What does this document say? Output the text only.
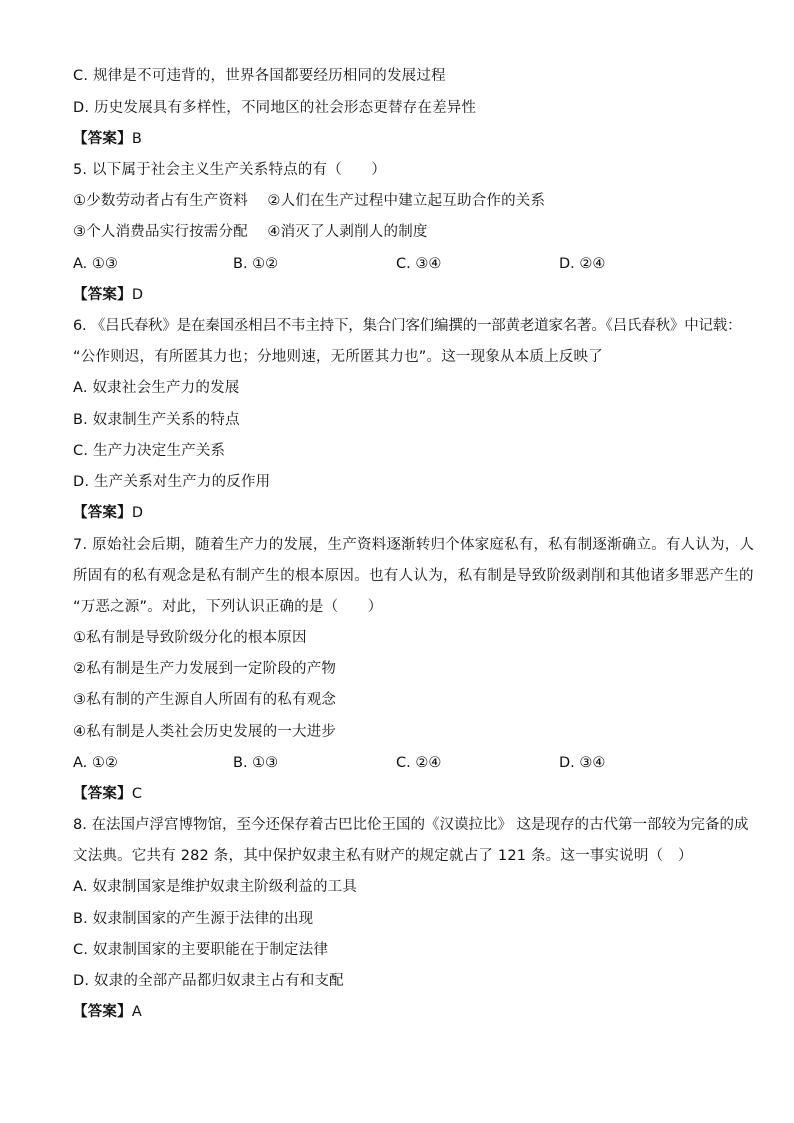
C. 规律是不可违背的，世界各国都要经历相同的发展过程
D. 历史发展具有多样性，不同地区的社会形态更替存在差异性
【答案】B
5. 以下属于社会主义生产关系特点的有（　　）
①少数劳动者占有生产资料　 ②人们在生产过程中建立起互助合作的关系
③个人消费品实行按需分配　 ④消灭了人剥削人的制度
A. ①③	B. ①②	C. ③④	D. ②④
【答案】D
6. 《吕氏春秋》是在秦国丞相吕不韦主持下，集合门客们编撰的一部黄老道家名著。《吕氏春秋》中记载：
“公作则迟，有所匿其力也；分地则速，无所匿其力也”。这一现象从本质上反映了
A. 奴隶社会生产力的发展
B. 奴隶制生产关系的特点
C. 生产力决定生产关系
D. 生产关系对生产力的反作用
【答案】D
7. 原始社会后期，随着生产力的发展，生产资料逐渐转归个体家庭私有，私有制逐渐确立。有人认为，人
所固有的私有观念是私有制产生的根本原因。也有人认为，私有制是导致阶级剥削和其他诸多罪恶产生的
“万恶之源”。对此，下列认识正确的是（　　）
①私有制是导致阶级分化的根本原因
②私有制是生产力发展到一定阶段的产物
③私有制的产生源自人所固有的私有观念
④私有制是人类社会历史发展的一大进步
A. ①②	B. ①③	C. ②④	D. ③④
【答案】C
8. 在法国卢浮宫博物馆，至今还保存着古巴比伦王国的《汉谟拉比》 这是现存的古代第一部较为完备的成
文法典。它共有 282 条，其中保护奴隶主私有财产的规定就占了 121 条。这一事实说明（　）
A. 奴隶制国家是维护奴隶主阶级利益的工具
B. 奴隶制国家的产生源于法律的出现
C. 奴隶制国家的主要职能在于制定法律
D. 奴隶的全部产品都归奴隶主占有和支配
【答案】A
